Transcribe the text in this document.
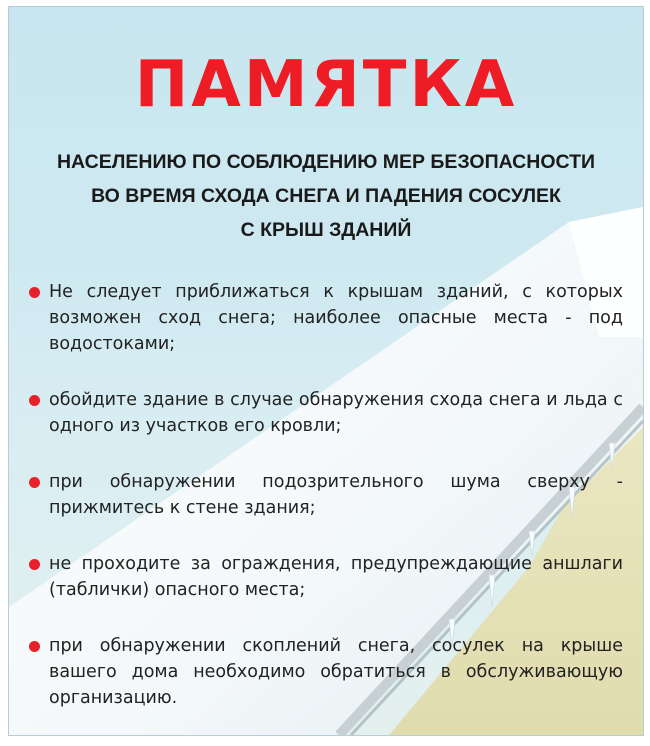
ПАМЯТКА
НАСЕЛЕНИЮ ПО СОБЛЮДЕНИЮ МЕР БЕЗОПАСНОСТИ
ВО ВРЕМЯ СХОДА СНЕГА И ПАДЕНИЯ СОСУЛЕК
С КРЫШ ЗДАНИЙ
Не следует приближаться к крышам зданий, с которых возможен сход снега; наиболее опасные места - под водостоками;
обойдите здание в случае обнаружения схода снега и льда с одного из участков его кровли;
при обнаружении подозрительного шума сверху - прижмитесь к стене здания;
не проходите за ограждения, предупреждающие аншлаги (таблички) опасного места;
при обнаружении скоплений снега, сосулек на крыше вашего дома необходимо обратиться в обслуживающую организацию.
